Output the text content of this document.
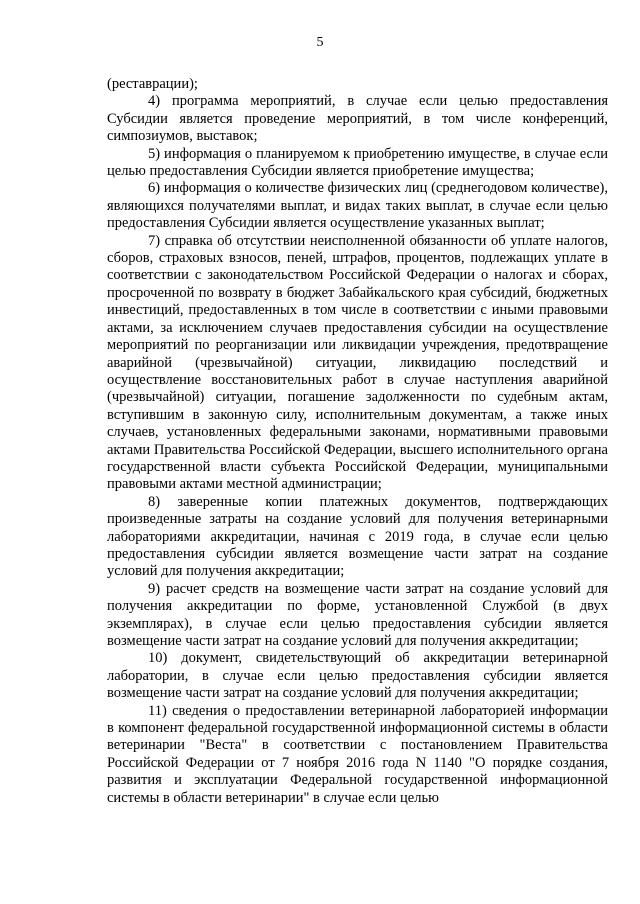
5

(реставрации);

4) программа мероприятий, в случае если целью предоставления Субсидии является проведение мероприятий, в том числе конференций, симпозиумов, выставок;

5) информация о планируемом к приобретению имуществе, в случае если целью предоставления Субсидии является приобретение имущества;

6) информация о количестве физических лиц (среднегодовом количестве), являющихся получателями выплат, и видах таких выплат, в случае если целью предоставления Субсидии является осуществление указанных выплат;

7) справка об отсутствии неисполненной обязанности об уплате налогов, сборов, страховых взносов, пеней, штрафов, процентов, подлежащих уплате в соответствии с законодательством Российской Федерации о налогах и сборах, просроченной по возврату в бюджет Забайкальского края субсидий, бюджетных инвестиций, предоставленных в том числе в соответствии с иными правовыми актами, за исключением случаев предоставления субсидии на осуществление мероприятий по реорганизации или ликвидации учреждения, предотвращение аварийной (чрезвычайной) ситуации, ликвидацию последствий и осуществление восстановительных работ в случае наступления аварийной (чрезвычайной) ситуации, погашение задолженности по судебным актам, вступившим в законную силу, исполнительным документам, а также иных случаев, установленных федеральными законами, нормативными правовыми актами Правительства Российской Федерации, высшего исполнительного органа государственной власти субъекта Российской Федерации, муниципальными правовыми актами местной администрации;

8) заверенные копии платежных документов, подтверждающих произведенные затраты на создание условий для получения ветеринарными лабораториями аккредитации, начиная с 2019 года, в случае если целью предоставления субсидии является возмещение части затрат на создание условий для получения аккредитации;

9) расчет средств на возмещение части затрат на создание условий для получения аккредитации по форме, установленной Службой (в двух экземплярах), в случае если целью предоставления субсидии является возмещение части затрат на создание условий для получения аккредитации;

10) документ, свидетельствующий об аккредитации ветеринарной лаборатории, в случае если целью предоставления субсидии является возмещение части затрат на создание условий для получения аккредитации;

11) сведения о предоставлении ветеринарной лабораторией информации в компонент федеральной государственной информационной системы в области ветеринарии "Веста" в соответствии с постановлением Правительства Российской Федерации от 7 ноября 2016 года N 1140 "О порядке создания, развития и эксплуатации Федеральной государственной информационной системы в области ветеринарии" в случае если целью
